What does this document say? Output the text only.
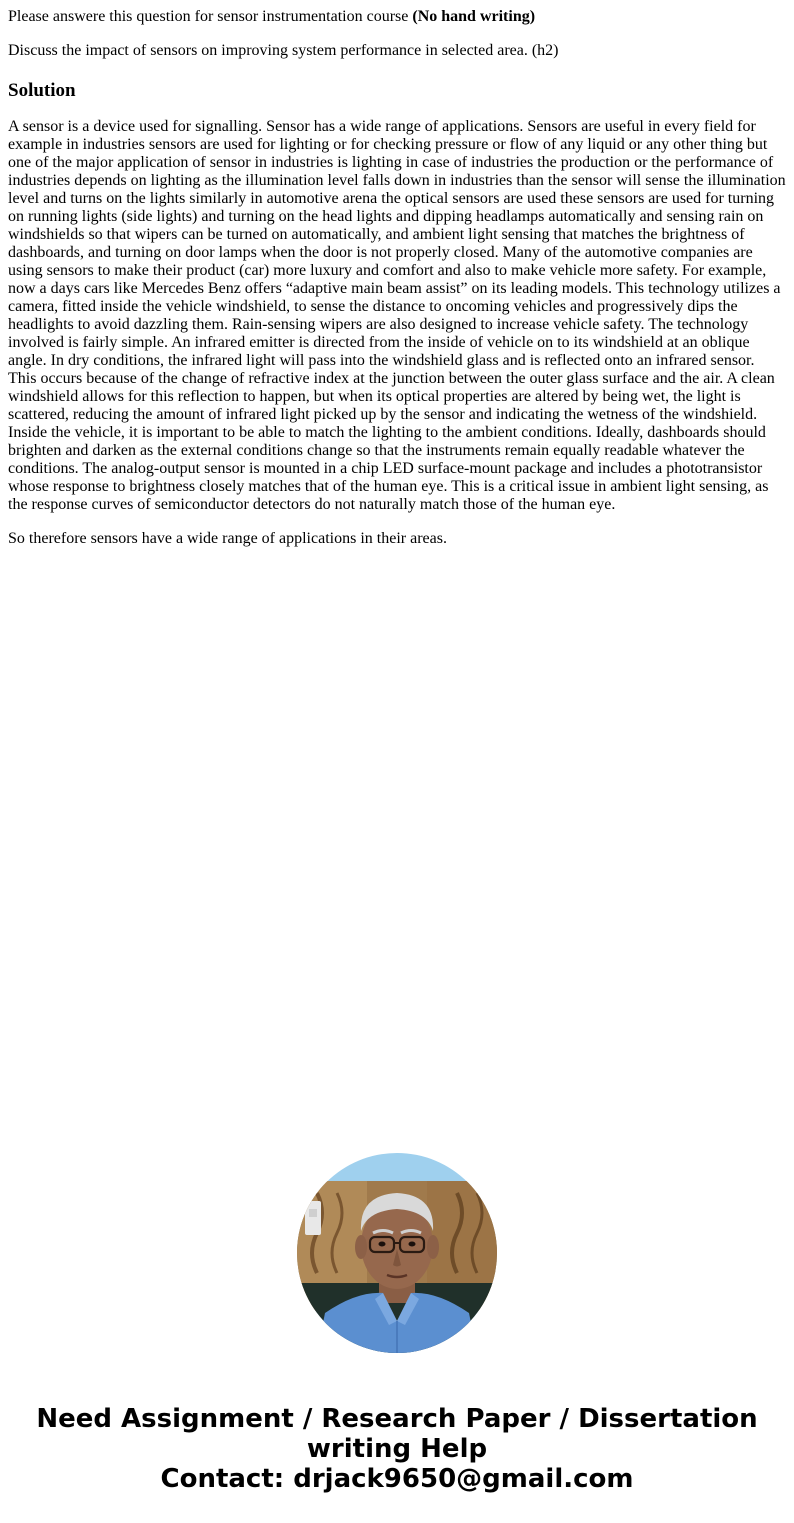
Please answere this question for sensor instrumentation course (No hand writing)

Discuss the impact of sensors on improving system performance in selected area. (h2)

Solution

A sensor is a device used for signalling. Sensor has a wide range of applications. Sensors are useful in every field for example in industries sensors are used for lighting or for checking pressure or flow of any liquid or any other thing but one of the major application of sensor in industries is lighting in case of industries the production or the performance of industries depends on lighting as the illumination level falls down in industries than the sensor will sense the illumination level and turns on the lights similarly in automotive arena the optical sensors are used these sensors are used for turning on running lights (side lights) and turning on the head lights and dipping headlamps automatically and sensing rain on windshields so that wipers can be turned on automatically, and ambient light sensing that matches the brightness of dashboards, and turning on door lamps when the door is not properly closed. Many of the automotive companies are using sensors to make their product (car) more luxury and comfort and also to make vehicle more safety. For example, now a days cars like Mercedes Benz offers “adaptive main beam assist” on its leading models. This technology utilizes a camera, fitted inside the vehicle windshield, to sense the distance to oncoming vehicles and progressively dips the headlights to avoid dazzling them. Rain-sensing wipers are also designed to increase vehicle safety. The technology involved is fairly simple. An infrared emitter is directed from the inside of vehicle on to its windshield at an oblique angle. In dry conditions, the infrared light will pass into the windshield glass and is reflected onto an infrared sensor. This occurs because of the change of refractive index at the junction between the outer glass surface and the air. A clean windshield allows for this reflection to happen, but when its optical properties are altered by being wet, the light is scattered, reducing the amount of infrared light picked up by the sensor and indicating the wetness of the windshield. Inside the vehicle, it is important to be able to match the lighting to the ambient conditions. Ideally, dashboards should brighten and darken as the external conditions change so that the instruments remain equally readable whatever the conditions. The analog-output sensor is mounted in a chip LED surface-mount package and includes a phototransistor whose response to brightness closely matches that of the human eye. This is a critical issue in ambient light sensing, as the response curves of semiconductor detectors do not naturally match those of the human eye.

So therefore sensors have a wide range of applications in their areas.

Need Assignment / Research Paper / Dissertation
writing Help
Contact: drjack9650@gmail.com
